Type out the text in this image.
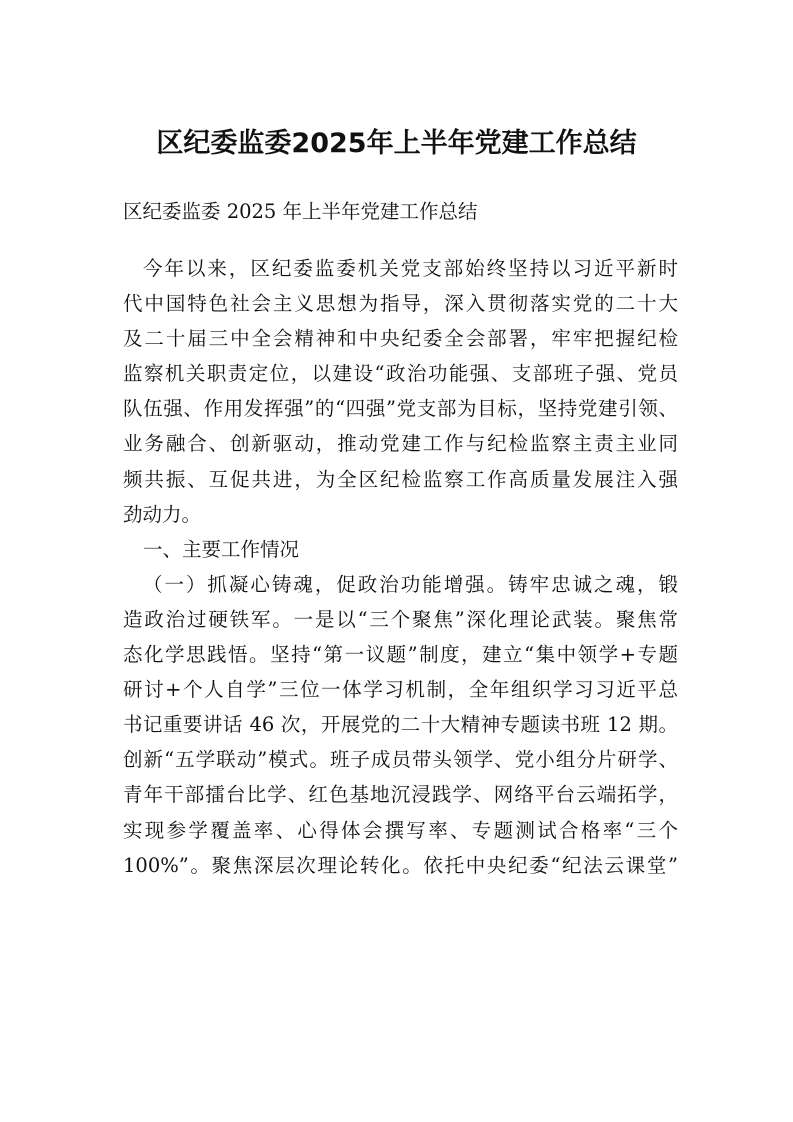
区纪委监委2025年上半年党建工作总结

区纪委监委 2025 年上半年党建工作总结

今年以来，区纪委监委机关党支部始终坚持以习近平新时
代中国特色社会主义思想为指导，深入贯彻落实党的二十大
及二十届三中全会精神和中央纪委全会部署，牢牢把握纪检
监察机关职责定位，以建设“政治功能强、支部班子强、党员
队伍强、作用发挥强”的“四强”党支部为目标，坚持党建引领、
业务融合、创新驱动，推动党建工作与纪检监察主责主业同
频共振、互促共进，为全区纪检监察工作高质量发展注入强
劲动力。
一、主要工作情况
（一）抓凝心铸魂，促政治功能增强。铸牢忠诚之魂，锻
造政治过硬铁军。一是以“三个聚焦”深化理论武装。聚焦常
态化学思践悟。坚持“第一议题”制度，建立“集中领学+专题
研讨+个人自学”三位一体学习机制，全年组织学习习近平总
书记重要讲话 46 次，开展党的二十大精神专题读书班 12 期。
创新“五学联动”模式。班子成员带头领学、党小组分片研学、
青年干部擂台比学、红色基地沉浸践学、网络平台云端拓学，
实现参学覆盖率、心得体会撰写率、专题测试合格率“三个
100%”。聚焦深层次理论转化。依托中央纪委“纪法云课堂”
